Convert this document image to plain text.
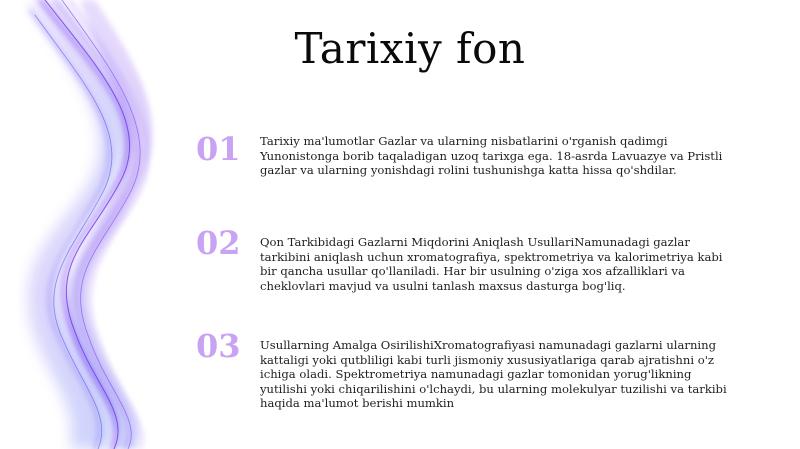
Tarixiy fon
01	Tarixiy ma'lumotlar Gazlar va ularning nisbatlarini o'rganish qadimgi Yunonistonga borib taqaladigan uzoq tarixga ega. 18-asrda Lavuazye va Pristli gazlar va ularning yonishdagi rolini tushunishga katta hissa qo'shdilar.
02	Qon Tarkibidagi Gazlarni Miqdorini Aniqlash UsullariNamunadagi gazlar tarkibini aniqlash uchun xromatografiya, spektrometriya va kalorimetriya kabi bir qancha usullar qo'llaniladi. Har bir usulning o'ziga xos afzalliklari va cheklovlari mavjud va usulni tanlash maxsus dasturga bog'liq.
03	Usullarning Amalga OsirilishiXromatografiyasi namunadagi gazlarni ularning kattaligi yoki qutbliligi kabi turli jismoniy xususiyatlariga qarab ajratishni o'z ichiga oladi. Spektrometriya namunadagi gazlar tomonidan yorug'likning yutilishi yoki chiqarilishini o'lchaydi, bu ularning molekulyar tuzilishi va tarkibi haqida ma'lumot berishi mumkin
